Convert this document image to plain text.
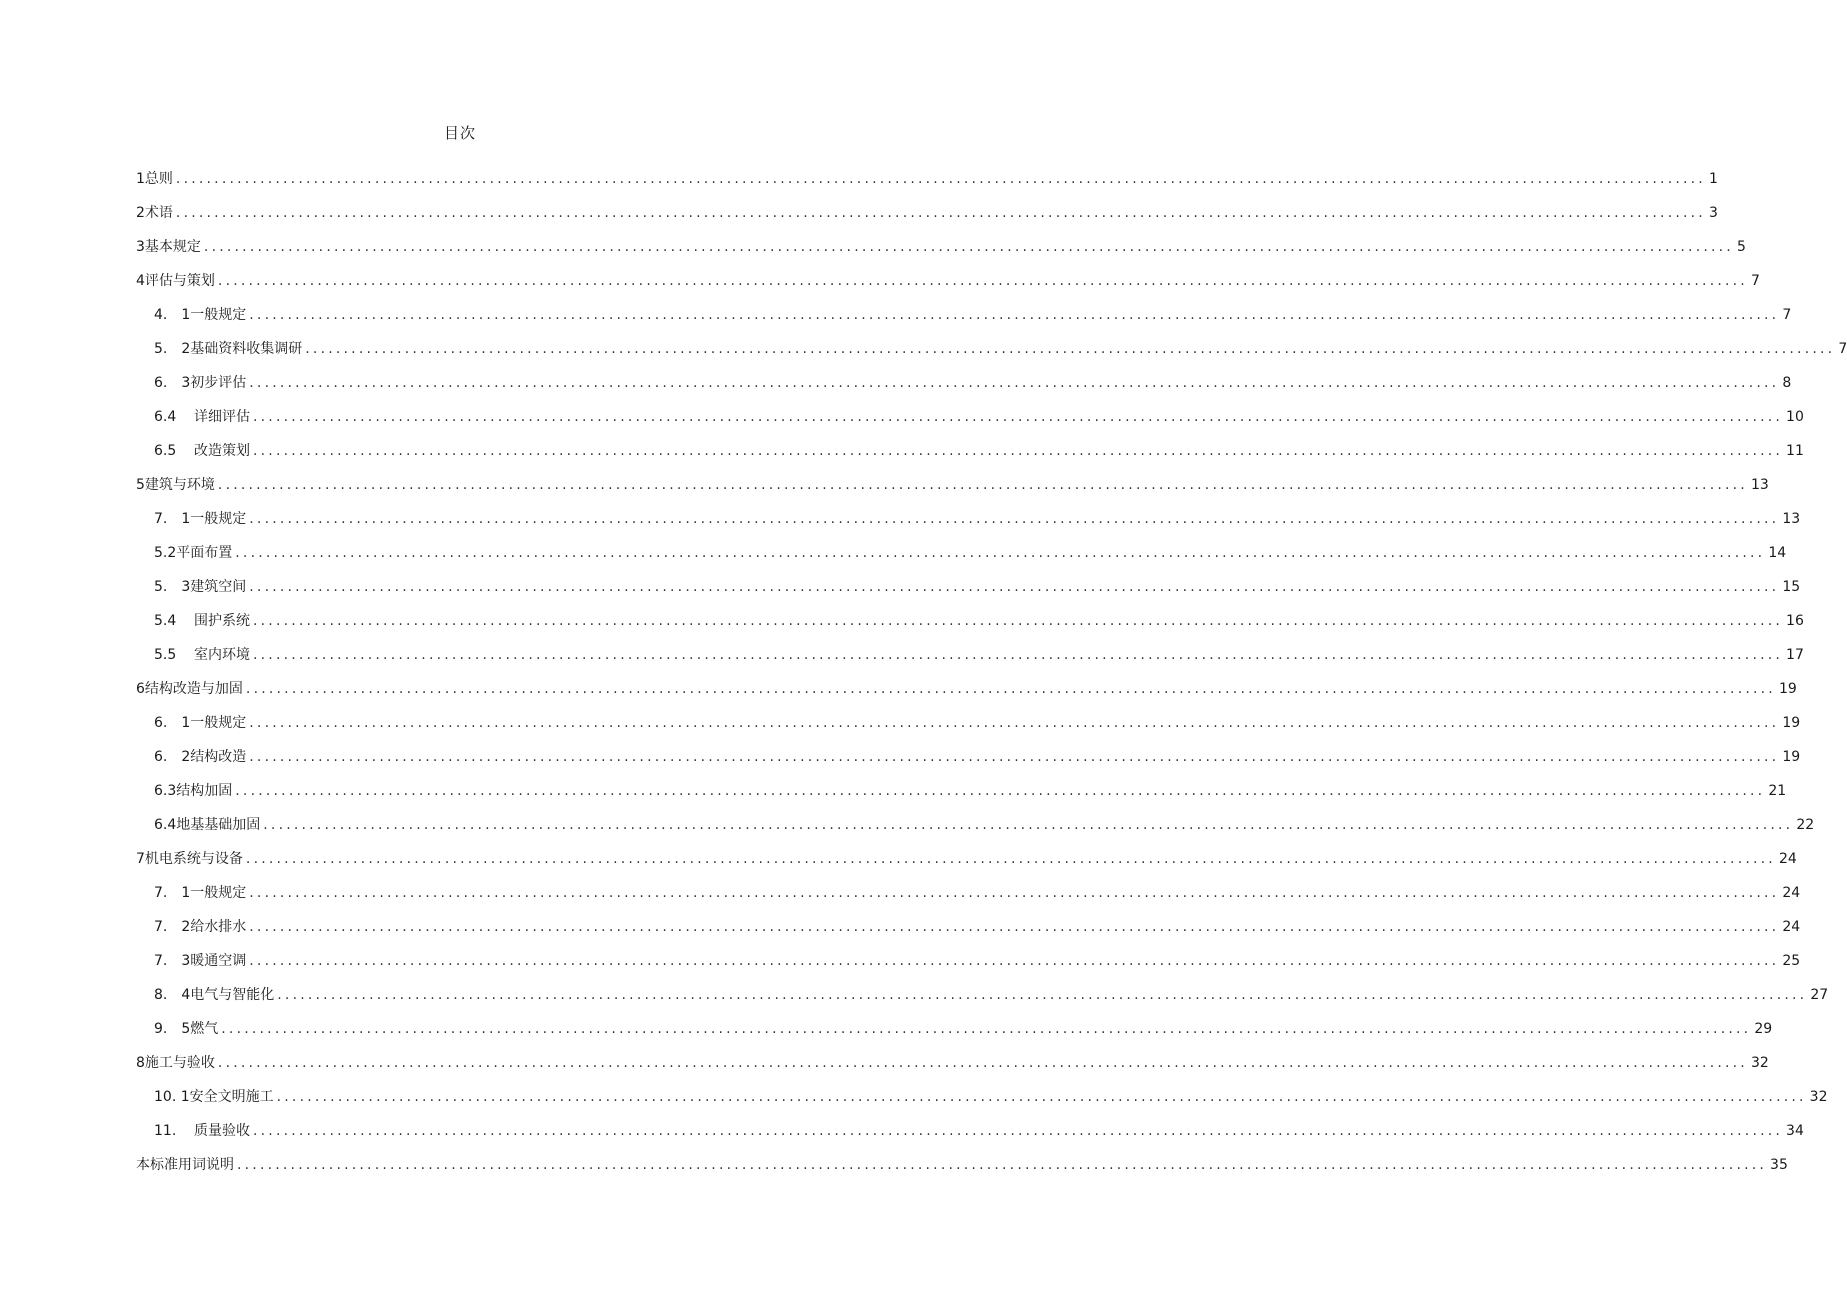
目次
1总则 ........................................................................................................................................................................................................ 1
2术语 ........................................................................................................................................................................................................ 3
3基本规定 ........................................................................................................................................................................................................ 5
4评估与策划 ........................................................................................................................................................................................................ 7
4.　1一般规定 ........................................................................................................................................................................................................ 7
5.　2基础资料收集调研 ........................................................................................................................................................................................................ 7
6.　3初步评估 ........................................................................................................................................................................................................ 8
6.4 详细评估 ........................................................................................................................................................................................................ 10
6.5 改造策划 ........................................................................................................................................................................................................ 11
5建筑与环境 ........................................................................................................................................................................................................ 13
7.　1一般规定 ........................................................................................................................................................................................................ 13
5.2平面布置 ........................................................................................................................................................................................................ 14
5.　3建筑空间 ........................................................................................................................................................................................................ 15
5.4 围护系统 ........................................................................................................................................................................................................ 16
5.5 室内环境 ........................................................................................................................................................................................................ 17
6结构改造与加固 ........................................................................................................................................................................................................ 19
6.　1一般规定 ........................................................................................................................................................................................................ 19
6.　2结构改造 ........................................................................................................................................................................................................ 19
6.3结构加固 ........................................................................................................................................................................................................ 21
6.4地基基础加固 ........................................................................................................................................................................................................ 22
7机电系统与设备 ........................................................................................................................................................................................................ 24
7.　1一般规定 ........................................................................................................................................................................................................ 24
7.　2给水排水 ........................................................................................................................................................................................................ 24
7.　3暖通空调 ........................................................................................................................................................................................................ 25
8.　4电气与智能化 ........................................................................................................................................................................................................ 27
9.　5燃气 ........................................................................................................................................................................................................ 29
8施工与验收 ........................................................................................................................................................................................................ 32
10. 1安全文明施工 ........................................................................................................................................................................................................ 32
11. 质量验收 ........................................................................................................................................................................................................ 34
本标准用词说明 ........................................................................................................................................................................................................ 35
